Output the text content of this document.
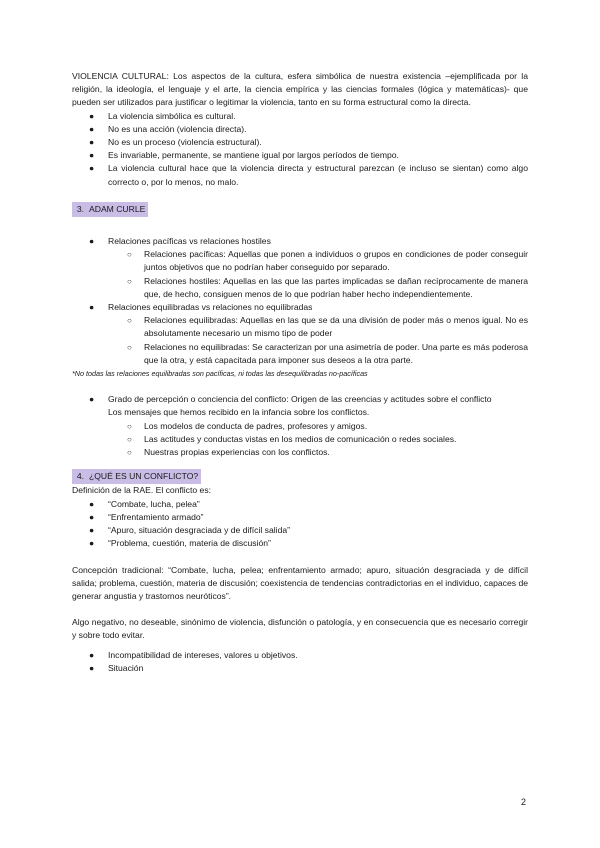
VIOLENCIA CULTURAL: Los aspectos de la cultura, esfera simbólica de nuestra existencia –ejemplificada por la religión, la ideología, el lenguaje y el arte, la ciencia empírica y las ciencias formales (lógica y matemáticas)- que pueden ser utilizados para justificar o legitimar la violencia, tanto en su forma estructural como la directa.

● La violencia simbólica es cultural.
● No es una acción (violencia directa).
● No es un proceso (violencia estructural).
● Es invariable, permanente, se mantiene igual por largos períodos de tiempo.
● La violencia cultural hace que la violencia directa y estructural parezcan (e incluso se sientan) como algo correcto o, por lo menos, no malo.
3. ADAM CURLE
● Relaciones pacíficas vs relaciones hostiles
○ Relaciones pacíficas: Aquellas que ponen a individuos o grupos en condiciones de poder conseguir juntos objetivos que no podrían haber conseguido por separado.
○ Relaciones hostiles: Aquellas en las que las partes implicadas se dañan recíprocamente de manera que, de hecho, consiguen menos de lo que podrían haber hecho independientemente.
● Relaciones equilibradas vs relaciones no equilibradas
○ Relaciones equilibradas: Aquellas en las que se da una división de poder más o menos igual. No es absolutamente necesario un mismo tipo de poder
○ Relaciones no equilibradas: Se caracterizan por una asimetría de poder. Una parte es más poderosa que la otra, y está capacitada para imponer sus deseos a la otra parte.

*No todas las relaciones equilibradas son pacíficas, ni todas las desequilibradas no-pacíficas

● Grado de percepción o conciencia del conflicto: Origen de las creencias y actitudes sobre el conflicto
Los mensajes que hemos recibido en la infancia sobre los conflictos.
○ Los modelos de conducta de padres, profesores y amigos.
○ Las actitudes y conductas vistas en los medios de comunicación o redes sociales.
○ Nuestras propias experiencias con los conflictos.
4. ¿QUÉ ES UN CONFLICTO?

Definición de la RAE. El conflicto es:

● “Combate, lucha, pelea”
● “Enfrentamiento armado”
● “Apuro, situación desgraciada y de difícil salida”
● “Problema, cuestión, materia de discusión”

Concepción tradicional: “Combate, lucha, pelea; enfrentamiento armado; apuro, situación desgraciada y de difícil salida; problema, cuestión, materia de discusión; coexistencia de tendencias contradictorias en el individuo, capaces de generar angustia y trastornos neuróticos”.

Algo negativo, no deseable, sinónimo de violencia, disfunción o patología, y en consecuencia que es necesario corregir y sobre todo evitar.

● Incompatibilidad de intereses, valores u objetivos.
● Situación
2
